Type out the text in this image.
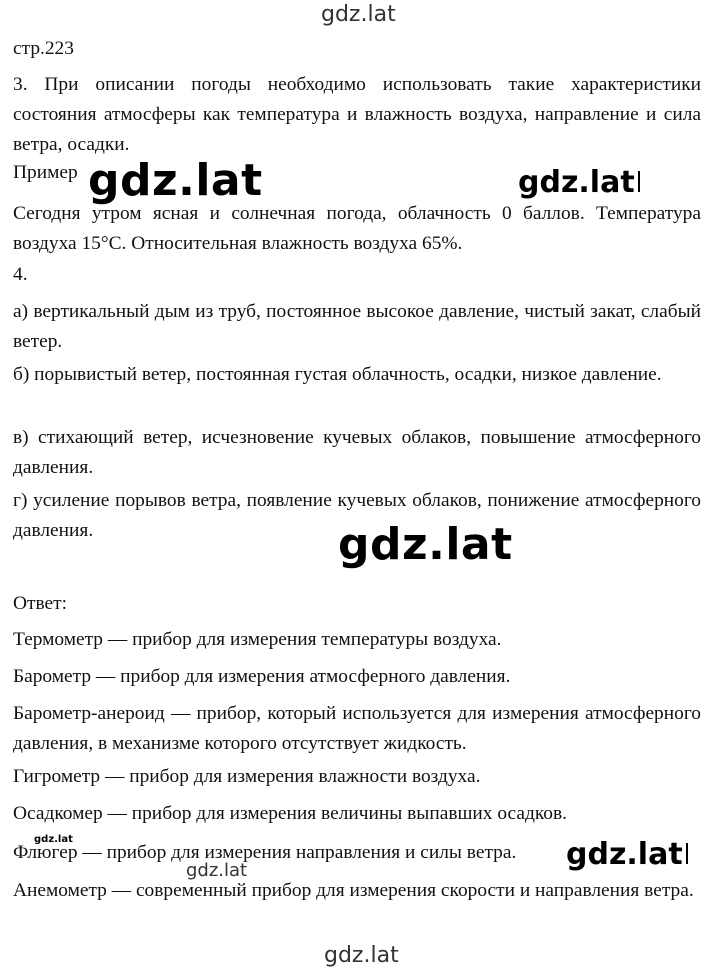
gdz.lat
стр.223
3. При описании погоды необходимо использовать такие характеристики состояния атмосферы как температура и влажность воздуха, направление и сила ветра, осадки.
Пример gdz.lat	gdz.lat
Сегодня утром ясная и солнечная погода, облачность 0 баллов. Температура воздуха 15°С. Относительная влажность воздуха 65%.
4.
а) вертикальный дым из труб, постоянное высокое давление, чистый закат, слабый ветер.
б) порывистый ветер, постоянная густая облачность, осадки, низкое давление.
в) стихающий ветер, исчезновение кучевых облаков, повышение атмосферного давления.
г) усиление порывов ветра, появление кучевых облаков, понижение атмосферного давления.	gdz.lat
Ответ:
Термометр — прибор для измерения температуры воздуха.
Барометр — прибор для измерения атмосферного давления.
Барометр-анероид — прибор, который используется для измерения атмосферного давления, в механизме которого отсутствует жидкость.
Гигрометр — прибор для измерения влажности воздуха.
Осадкомер — прибор для измерения величины выпавших осадков.
gdz.lat
Флюгер — прибор для измерения направления и силы ветра.	gdz.lat
gdz.lat
Анемометр — современный прибор для измерения скорости и направления ветра.
gdz.lat
